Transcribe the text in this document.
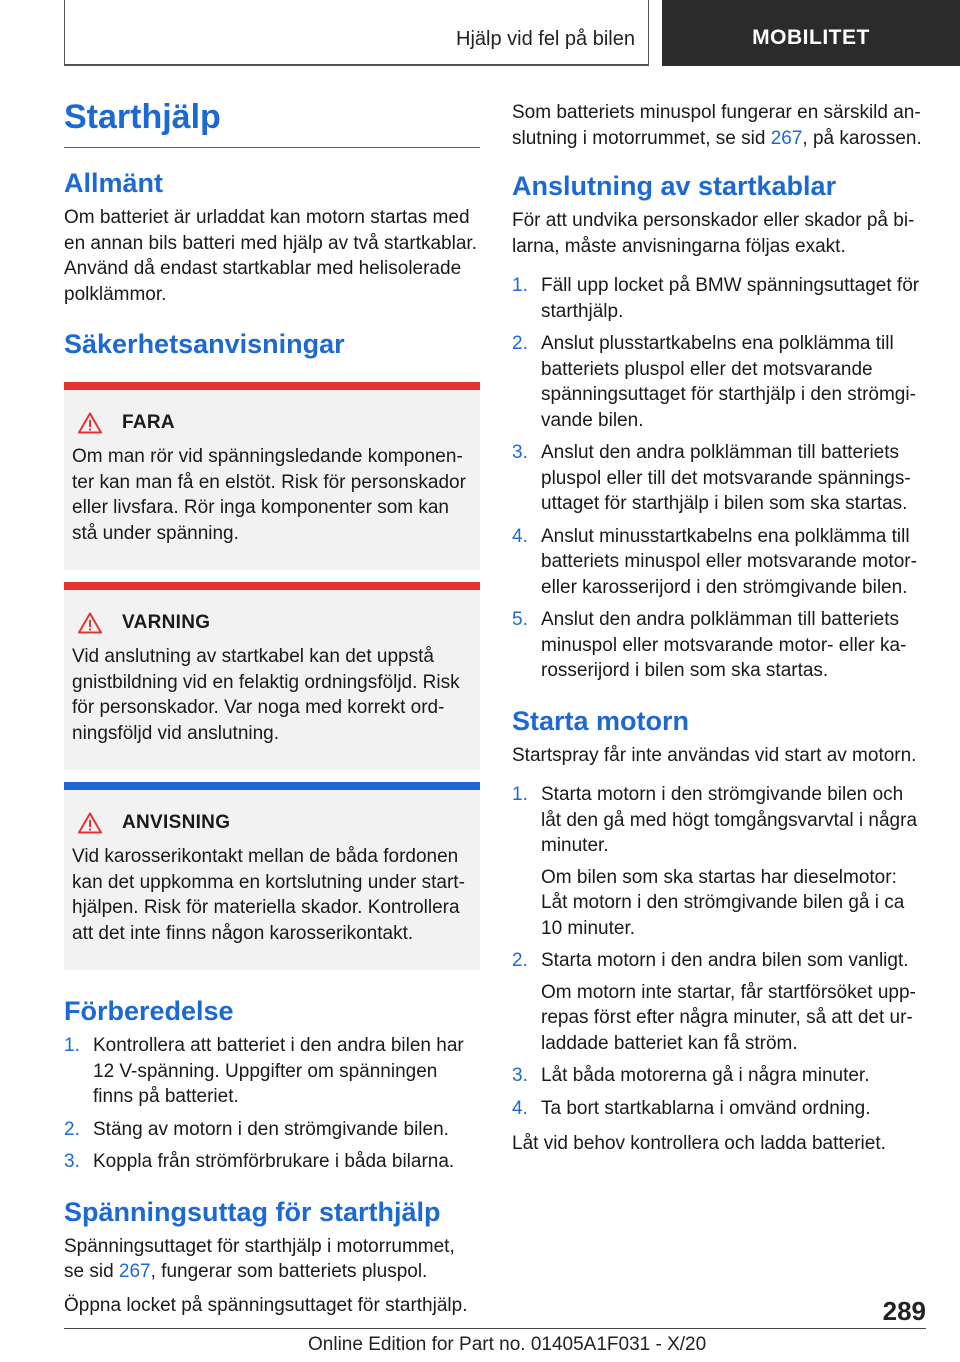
Hjälp vid fel på bilen	MOBILITET
Starthjälp
Allmänt

Om batteriet är urladdat kan motorn startas med en annan bils batteri med hjälp av två startkablar. Använd då endast startkablar med helisolerade polklämmor.

Säkerhetsanvisningar
FARA

Om man rör vid spänningsledande komponenter kan man få en elstöt. Risk för personskador eller livsfara. Rör inga komponenter som kan stå under spänning.

VARNING

Vid anslutning av startkabel kan det uppstå gnistbildning vid en felaktig ordningsföljd. Risk för personskador. Var noga med korrekt ordningsföljd vid anslutning.

ANVISNING

Vid karosserikontakt mellan de båda fordonen kan det uppkomma en kortslutning under starthjälpen. Risk för materiella skador. Kontrollera att det inte finns någon karosserikontakt.

Förberedelse
1. Kontrollera att batteriet i den andra bilen har 12 V-spänning. Uppgifter om spänningen finns på batteriet.
2. Stäng av motorn i den strömgivande bilen.
3. Koppla från strömförbrukare i båda bilarna.
Spänningsuttag för starthjälp

Spänningsuttaget för starthjälp i motorrummet, se sid 267, fungerar som batteriets pluspol.

Öppna locket på spänningsuttaget för starthjälp.

Som batteriets minuspol fungerar en särskild anslutning i motorrummet, se sid 267, på karossen.

Anslutning av startkablar

För att undvika personskador eller skador på bilarna, måste anvisningarna följas exakt.

1. Fäll upp locket på BMW spänningsuttaget för starthjälp.
2. Anslut plusstartkabelns ena polklämma till batteriets pluspol eller det motsvarande spänningsuttaget för starthjälp i den strömgivande bilen.
3. Anslut den andra polklämman till batteriets pluspol eller till det motsvarande spänningsuttaget för starthjälp i bilen som ska startas.
4. Anslut minusstartkabelns ena polklämma till batteriets minuspol eller motsvarande motor- eller karosserijord i den strömgivande bilen.
5. Anslut den andra polklämman till batteriets minuspol eller motsvarande motor- eller karosserijord i bilen som ska startas.
Starta motorn

Startspray får inte användas vid start av motorn.

1. Starta motorn i den strömgivande bilen och låt den gå med högt tomgångsvarvtal i några minuter.

Om bilen som ska startas har dieselmotor: Låt motorn i den strömgivande bilen gå i ca 10 minuter.

2. Starta motorn i den andra bilen som vanligt.

Om motorn inte startar, får startförsöket upprepas först efter några minuter, så att det urladdade batteriet kan få ström.

3. Låt båda motorerna gå i några minuter.
4. Ta bort startkablarna i omvänd ordning.

Låt vid behov kontrollera och ladda batteriet.

289
Online Edition for Part no. 01405A1F031 - X/20
